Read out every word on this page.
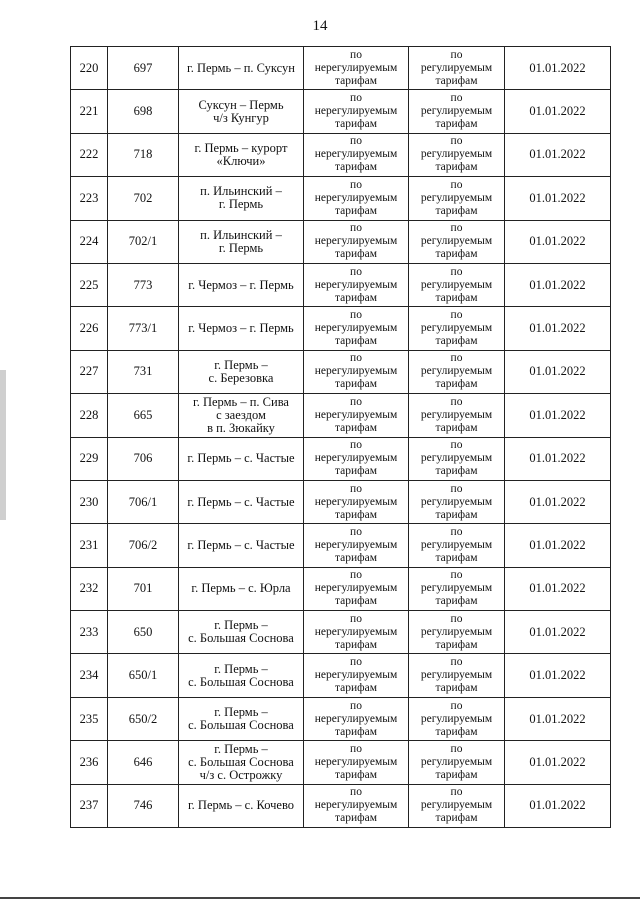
14
220	697	г. Пермь – п. Суксун	по
нерегулируемым
тарифам	по
регулируемым
тарифам	01.01.2022
221	698	Суксун – Пермь
ч/з Кунгур	по
нерегулируемым
тарифам	по
регулируемым
тарифам	01.01.2022
222	718	г. Пермь – курорт
«Ключи»	по
нерегулируемым
тарифам	по
регулируемым
тарифам	01.01.2022
223	702	п. Ильинский –
г. Пермь	по
нерегулируемым
тарифам	по
регулируемым
тарифам	01.01.2022
224	702/1	п. Ильинский –
г. Пермь	по
нерегулируемым
тарифам	по
регулируемым
тарифам	01.01.2022
225	773	г. Чермоз – г. Пермь	по
нерегулируемым
тарифам	по
регулируемым
тарифам	01.01.2022
226	773/1	г. Чермоз – г. Пермь	по
нерегулируемым
тарифам	по
регулируемым
тарифам	01.01.2022
227	731	г. Пермь –
с. Березовка	по
нерегулируемым
тарифам	по
регулируемым
тарифам	01.01.2022
228	665	г. Пермь – п. Сива
с заездом
в п. Зюкайку	по
нерегулируемым
тарифам	по
регулируемым
тарифам	01.01.2022
229	706	г. Пермь – с. Частые	по
нерегулируемым
тарифам	по
регулируемым
тарифам	01.01.2022
230	706/1	г. Пермь – с. Частые	по
нерегулируемым
тарифам	по
регулируемым
тарифам	01.01.2022
231	706/2	г. Пермь – с. Частые	по
нерегулируемым
тарифам	по
регулируемым
тарифам	01.01.2022
232	701	г. Пермь – с. Юрла	по
нерегулируемым
тарифам	по
регулируемым
тарифам	01.01.2022
233	650	г. Пермь –
с. Большая Соснова	по
нерегулируемым
тарифам	по
регулируемым
тарифам	01.01.2022
234	650/1	г. Пермь –
с. Большая Соснова	по
нерегулируемым
тарифам	по
регулируемым
тарифам	01.01.2022
235	650/2	г. Пермь –
с. Большая Соснова	по
нерегулируемым
тарифам	по
регулируемым
тарифам	01.01.2022
236	646	г. Пермь –
с. Большая Соснова
ч/з с. Острожку	по
нерегулируемым
тарифам	по
регулируемым
тарифам	01.01.2022
237	746	г. Пермь – с. Кочево	по
нерегулируемым
тарифам	по
регулируемым
тарифам	01.01.2022
